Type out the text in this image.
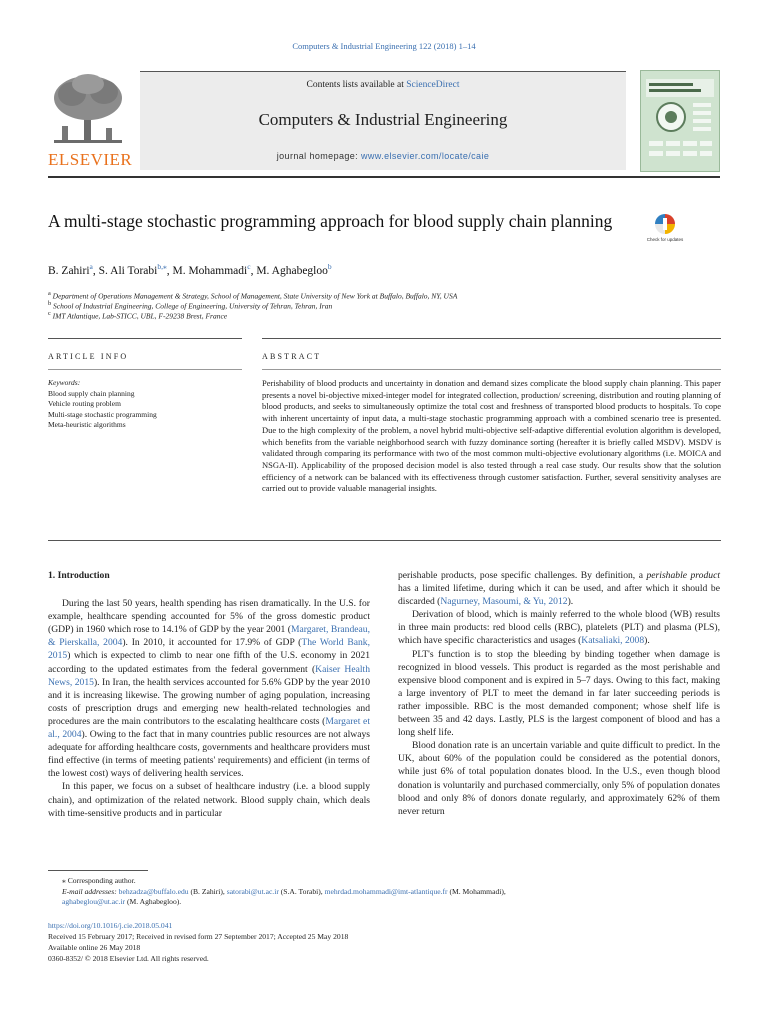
Computers & Industrial Engineering 122 (2018) 1–14
ELSEVIER
Contents lists available at ScienceDirect
Computers & Industrial Engineering
journal homepage: www.elsevier.com/locate/caie
A multi-stage stochastic programming approach for blood supply chain planning
Check for updates
B. Zahiri$^a$, S. Ali Torabi$^{b,⁎}$, M. Mohammadi$^c$, M. Aghabegloo$^b$
$^a$ Department of Operations Management & Strategy, School of Management, State University of New York at Buffalo, Buffalo, NY, USA
$^b$ School of Industrial Engineering, College of Engineering, University of Tehran, Tehran, Iran
$^c$ IMT Atlantique, Lab-STICC, UBL, F-29238 Brest, France
ARTICLE INFO	ABSTRACT
Keywords:
Blood supply chain planning
Vehicle routing problem
Multi-stage stochastic programming
Meta-heuristic algorithms
Perishability of blood products and uncertainty in donation and demand sizes complicate the blood supply chain planning. This paper presents a novel bi-objective mixed-integer model for integrated collection, production/ screening, distribution and routing planning of blood products, and seeks to simultaneously optimize the total cost and freshness of transported blood products to hospitals. To cope with inherent uncertainty of input data, a multi-stage stochastic programming approach with a combined scenario tree is presented. Due to the high complexity of the problem, a novel hybrid multi-objective self-adaptive differential evolution algorithm is developed, which benefits from the variable neighborhood search with fuzzy dominance sorting (hereafter it is briefly called MSDV). MSDV is validated through comparing its performance with two of the most common multi-objective evolutionary algorithms (i.e. MOICA and NSGA-II). Applicability of the proposed decision model is also tested through a real case study. Our results show that the solution efficiency of a network can be balanced with its effectiveness through customer satisfaction. Further, several sensitivity analyses are carried out to provide valuable managerial insights.
1. Introduction

During the last 50 years, health spending has risen dramatically. In the U.S. for example, healthcare spending accounted for 5% of the gross domestic product (GDP) in 1960 which rose to 14.1% of GDP by the year 2001 (Margaret, Brandeau, & Pierskalla, 2004). In 2010, it accounted for 17.9% of GDP (The World Bank, 2015) which is expected to climb to near one fifth of the U.S. economy in 2021 according to the updated estimates from the federal government (Kaiser Health News, 2015). In Iran, the health services accounted for 5.6% GDP by the year 2010 and it is increasing likewise. The growing number of aging population, increasing costs of prescription drugs and emerging new health-related technologies and procedures are the main contributors to the escalating healthcare costs (Margaret et al., 2004). Owing to the fact that in many countries public resources are not always adequate for affording healthcare costs, governments and healthcare providers must find effective (in terms of meeting patients' requirements) and efficient (in terms of the lowest cost) ways of delivering health services.

In this paper, we focus on a subset of healthcare industry (i.e. a blood supply chain), and optimization of the related network. Blood supply chain, which deals with time-sensitive products and in particular

perishable products, pose specific challenges. By definition, a perishable product has a limited lifetime, during which it can be used, and after which it should be discarded (Nagurney, Masoumi, & Yu, 2012).

Derivation of blood, which is mainly referred to the whole blood (WB) results in three main products: red blood cells (RBC), platelets (PLT) and plasma (PLS), which have specific characteristics and usages (Katsaliaki, 2008).

PLT's function is to stop the bleeding by binding together when damage is recognized in blood vessels. This product is regarded as the most perishable and expensive blood component and is expired in 5–7 days. Owing to this fact, making a large inventory of PLT to meet the demand in far later succeeding periods is rather impossible. RBC is the most demanded component; whose shelf life is between 35 and 42 days. Lastly, PLS is the largest component of blood and has a long shelf life.

Blood donation rate is an uncertain variable and quite difficult to predict. In the UK, about 60% of the population could be considered as the potential donors, while just 6% of total population donates blood. In the U.S., even though blood donation is voluntarily and purchased commercially, only 5% of population donates blood and only 8% of donors donate regularly, and approximately 62% of them never return

⁎ Corresponding author.
E-mail addresses: behzadza@buffalo.edu (B. Zahiri), satorabi@ut.ac.ir (S.A. Torabi), mehrdad.mohammadi@imt-atlantique.fr (M. Mohammadi),
aghabeglou@ut.ac.ir (M. Aghabegloo).
https://doi.org/10.1016/j.cie.2018.05.041
Received 15 February 2017; Received in revised form 27 September 2017; Accepted 25 May 2018
Available online 26 May 2018
0360-8352/ © 2018 Elsevier Ltd. All rights reserved.
